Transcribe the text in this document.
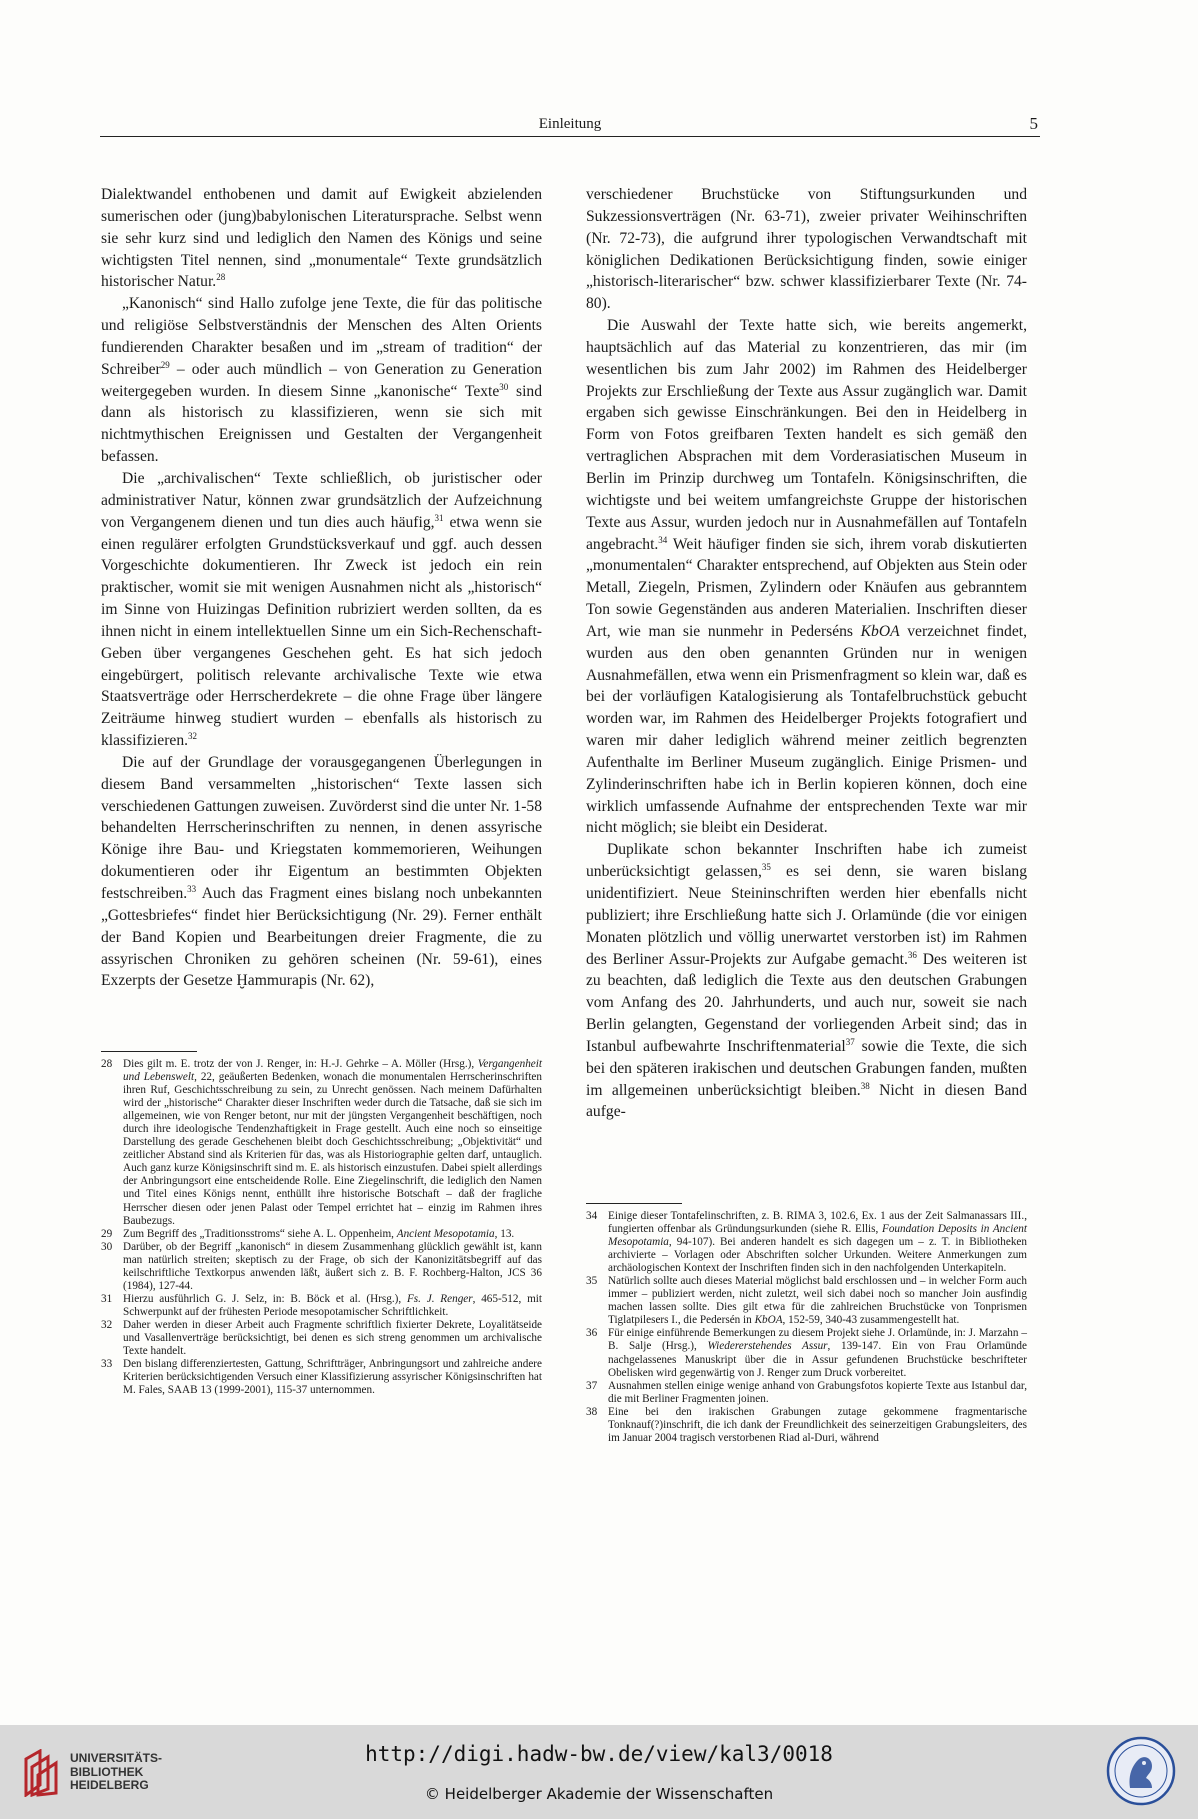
Einleitung	5

Dialektwandel enthobenen und damit auf Ewigkeit abzielenden sumerischen oder (jung)babylonischen Literatursprache. Selbst wenn sie sehr kurz sind und lediglich den Namen des Königs und seine wichtigsten Titel nennen, sind „monumentale“ Texte grundsätzlich historischer Natur.$^{28}$

„Kanonisch“ sind Hallo zufolge jene Texte, die für das politische und religiöse Selbstverständnis der Menschen des Alten Orients fundierenden Charakter besaßen und im „stream of tradition“ der Schreiber$^{29}$ – oder auch mündlich – von Generation zu Generation weitergegeben wurden. In diesem Sinne „kanonische“ Texte$^{30}$ sind dann als historisch zu klassifizieren, wenn sie sich mit nichtmythischen Ereignissen und Gestalten der Vergangenheit befassen.

Die „archivalischen“ Texte schließlich, ob juristischer oder administrativer Natur, können zwar grundsätzlich der Aufzeichnung von Vergangenem dienen und tun dies auch häufig,$^{31}$ etwa wenn sie einen regulärer erfolgten Grundstücksverkauf und ggf. auch dessen Vorgeschichte dokumentieren. Ihr Zweck ist jedoch ein rein praktischer, womit sie mit wenigen Ausnahmen nicht als „historisch“ im Sinne von Huizingas Definition rubriziert werden sollten, da es ihnen nicht in einem intellektuellen Sinne um ein Sich-Rechenschaft-Geben über vergangenes Geschehen geht. Es hat sich jedoch eingebürgert, politisch relevante archivalische Texte wie etwa Staatsverträge oder Herrscherdekrete – die ohne Frage über längere Zeiträume hinweg studiert wurden – ebenfalls als historisch zu klassifizieren.$^{32}$

Die auf der Grundlage der vorausgegangenen Überlegungen in diesem Band versammelten „historischen“ Texte lassen sich verschiedenen Gattungen zuweisen. Zuvörderst sind die unter Nr. 1-58 behandelten Herrscherinschriften zu nennen, in denen assyrische Könige ihre Bau- und Kriegstaten kommemorieren, Weihungen dokumentieren oder ihr Eigentum an bestimmten Objekten festschreiben.$^{33}$ Auch das Fragment eines bislang noch unbekannten „Gottesbriefes“ findet hier Berücksichtigung (Nr. 29). Ferner enthält der Band Kopien und Bearbeitungen dreier Fragmente, die zu assyrischen Chroniken zu gehören scheinen (Nr. 59-61), eines Exzerpts der Gesetze Ḫammurapis (Nr. 62),

28 Dies gilt m. E. trotz der von J. Renger, in: H.-J. Gehrke – A. Möller (Hrsg.), Vergangenheit und Lebenswelt, 22, geäußerten Bedenken, wonach die monumentalen Herrscherinschriften ihren Ruf, Geschichtsschreibung zu sein, zu Unrecht genössen. Nach meinem Dafürhalten wird der „historische“ Charakter dieser Inschriften weder durch die Tatsache, daß sie sich im allgemeinen, wie von Renger betont, nur mit der jüngsten Vergangenheit beschäftigen, noch durch ihre ideologische Tendenzhaftigkeit in Frage gestellt. Auch eine noch so einseitige Darstellung des gerade Geschehenen bleibt doch Geschichtsschreibung; „Objektivität“ und zeitlicher Abstand sind als Kriterien für das, was als Historiographie gelten darf, untauglich. Auch ganz kurze Königsinschrift sind m. E. als historisch einzustufen. Dabei spielt allerdings der Anbringungsort eine entscheidende Rolle. Eine Ziegelinschrift, die lediglich den Namen und Titel eines Königs nennt, enthüllt ihre historische Botschaft – daß der fragliche Herrscher diesen oder jenen Palast oder Tempel errichtet hat – einzig im Rahmen ihres Baubezugs.
29 Zum Begriff des „Traditionsstroms“ siehe A. L. Oppenheim, Ancient Mesopotamia, 13.
30 Darüber, ob der Begriff „kanonisch“ in diesem Zusammenhang glücklich gewählt ist, kann man natürlich streiten; skeptisch zu der Frage, ob sich der Kanonizitätsbegriff auf das keilschriftliche Textkorpus anwenden läßt, äußert sich z. B. F. Rochberg-Halton, JCS 36 (1984), 127-44.
31 Hierzu ausführlich G. J. Selz, in: B. Böck et al. (Hrsg.), Fs. J. Renger, 465-512, mit Schwerpunkt auf der frühesten Periode mesopotamischer Schriftlichkeit.
32 Daher werden in dieser Arbeit auch Fragmente schriftlich fixierter Dekrete, Loyalitätseide und Vasallenverträge berücksichtigt, bei denen es sich streng genommen um archivalische Texte handelt.
33 Den bislang differenziertesten, Gattung, Schriftträger, Anbringungsort und zahlreiche andere Kriterien berücksichtigenden Versuch einer Klassifizierung assyrischer Königsinschriften hat M. Fales, SAAB 13 (1999-2001), 115-37 unternommen.

verschiedener Bruchstücke von Stiftungsurkunden und Sukzessionsverträgen (Nr. 63-71), zweier privater Weihinschriften (Nr. 72-73), die aufgrund ihrer typologischen Verwandtschaft mit königlichen Dedikationen Berücksichtigung finden, sowie einiger „historisch-literarischer“ bzw. schwer klassifizierbarer Texte (Nr. 74-80).

Die Auswahl der Texte hatte sich, wie bereits angemerkt, hauptsächlich auf das Material zu konzentrieren, das mir (im wesentlichen bis zum Jahr 2002) im Rahmen des Heidelberger Projekts zur Erschließung der Texte aus Assur zugänglich war. Damit ergaben sich gewisse Einschränkungen. Bei den in Heidelberg in Form von Fotos greifbaren Texten handelt es sich gemäß den vertraglichen Absprachen mit dem Vorderasiatischen Museum in Berlin im Prinzip durchweg um Tontafeln. Königsinschriften, die wichtigste und bei weitem umfangreichste Gruppe der historischen Texte aus Assur, wurden jedoch nur in Ausnahmefällen auf Tontafeln angebracht.$^{34}$ Weit häufiger finden sie sich, ihrem vorab diskutierten „monumentalen“ Charakter entsprechend, auf Objekten aus Stein oder Metall, Ziegeln, Prismen, Zylindern oder Knäufen aus gebranntem Ton sowie Gegenständen aus anderen Materialien. Inschriften dieser Art, wie man sie nunmehr in Pederséns KbOA verzeichnet findet, wurden aus den oben genannten Gründen nur in wenigen Ausnahmefällen, etwa wenn ein Prismenfragment so klein war, daß es bei der vorläufigen Katalogisierung als Tontafelbruchstück gebucht worden war, im Rahmen des Heidelberger Projekts fotografiert und waren mir daher lediglich während meiner zeitlich begrenzten Aufenthalte im Berliner Museum zugänglich. Einige Prismen- und Zylinderinschriften habe ich in Berlin kopieren können, doch eine wirklich umfassende Aufnahme der entsprechenden Texte war mir nicht möglich; sie bleibt ein Desiderat.

Duplikate schon bekannter Inschriften habe ich zumeist unberücksichtigt gelassen,$^{35}$ es sei denn, sie waren bislang unidentifiziert. Neue Steininschriften werden hier ebenfalls nicht publiziert; ihre Erschließung hatte sich J. Orlamünde (die vor einigen Monaten plötzlich und völlig unerwartet verstorben ist) im Rahmen des Berliner Assur-Projekts zur Aufgabe gemacht.$^{36}$ Des weiteren ist zu beachten, daß lediglich die Texte aus den deutschen Grabungen vom Anfang des 20. Jahrhunderts, und auch nur, soweit sie nach Berlin gelangten, Gegenstand der vorliegenden Arbeit sind; das in Istanbul aufbewahrte Inschriftenmaterial$^{37}$ sowie die Texte, die sich bei den späteren irakischen und deutschen Grabungen fanden, mußten im allgemeinen unberücksichtigt bleiben.$^{38}$ Nicht in diesen Band aufge-

34 Einige dieser Tontafelinschriften, z. B. RIMA 3, 102.6, Ex. 1 aus der Zeit Salmanassars III., fungierten offenbar als Gründungsurkunden (siehe R. Ellis, Foundation Deposits in Ancient Mesopotamia, 94-107). Bei anderen handelt es sich dagegen um – z. T. in Bibliotheken archivierte – Vorlagen oder Abschriften solcher Urkunden. Weitere Anmerkungen zum archäologischen Kontext der Inschriften finden sich in den nachfolgenden Unterkapiteln.
35 Natürlich sollte auch dieses Material möglichst bald erschlossen und – in welcher Form auch immer – publiziert werden, nicht zuletzt, weil sich dabei noch so mancher Join ausfindig machen lassen sollte. Dies gilt etwa für die zahlreichen Bruchstücke von Tonprismen Tiglatpilesers I., die Pedersén in KbOA, 152-59, 340-43 zusammengestellt hat.
36 Für einige einführende Bemerkungen zu diesem Projekt siehe J. Orlamünde, in: J. Marzahn – B. Salje (Hrsg.), Wiedererstehendes Assur, 139-147. Ein von Frau Orlamünde nachgelassenes Manuskript über die in Assur gefundenen Bruchstücke beschrifteter Obelisken wird gegenwärtig von J. Renger zum Druck vorbereitet.
37 Ausnahmen stellen einige wenige anhand von Grabungsfotos kopierte Texte aus Istanbul dar, die mit Berliner Fragmenten joinen.
38 Eine bei den irakischen Grabungen zutage gekommene fragmentarische Tonknauf(?)inschrift, die ich dank der Freundlichkeit des seinerzeitigen Grabungsleiters, des im Januar 2004 tragisch verstorbenen Riad al-Duri, während
UNIVERSITÄTS-
BIBLIOTHEK
HEIDELBERG
http://digi.hadw-bw.de/view/kal3/0018
© Heidelberger Akademie der Wissenschaften
